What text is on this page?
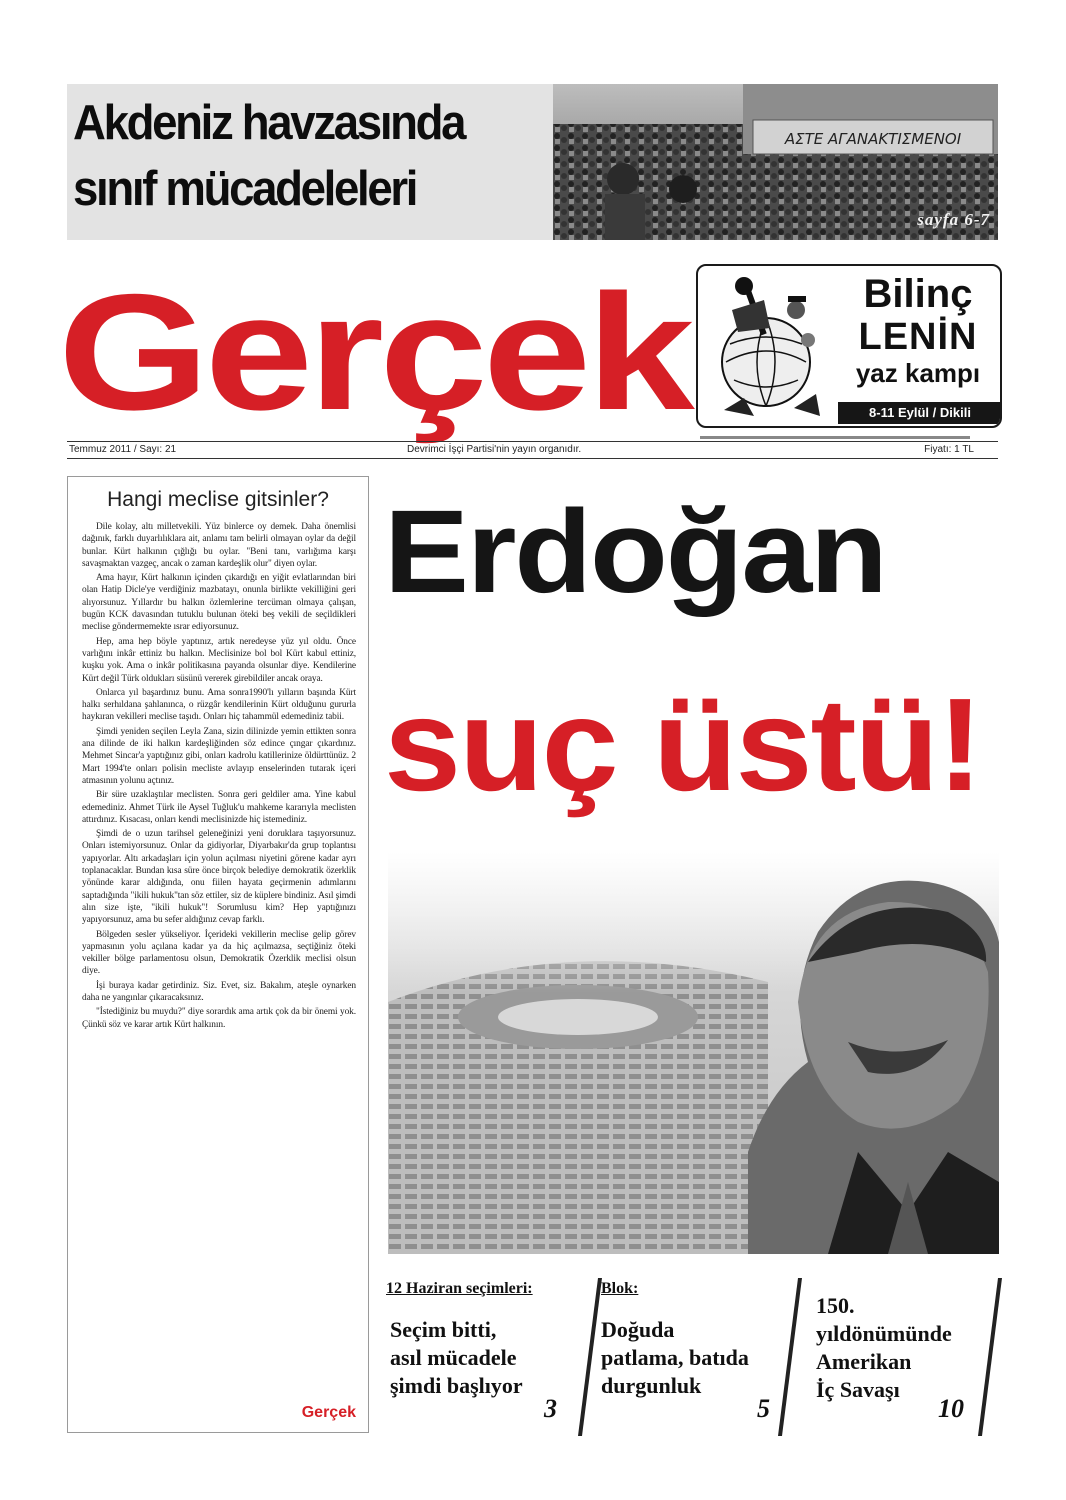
Akdeniz havzasında
sınıf mücadeleleri
ΑΣΤΕ ΑΓΑΝΑΚΤΙΣΜΕΝΟΙ
sayfa 6-7
Gerçek	Bilinç
LENİN
yaz kampı
8-11 Eylül / Dikili
Temmuz 2011 / Sayı: 21	Devrimci İşçi Partisi'nin yayın organıdır.	Fiyatı: 1 TL
Hangi meclise gitsinler?

Dile kolay, altı milletvekili. Yüz binlerce oy demek. Daha önemlisi dağınık, farklı duyarlılıklara ait, anlamı tam belirli olmayan oylar da değil bunlar. Kürt halkının çığlığı bu oylar. "Beni tanı, varlığıma karşı savaşmaktan vazgeç, ancak o zaman kardeşlik olur" diyen oylar.

Ama hayır, Kürt halkının içinden çıkardığı en yiğit evlatlarından biri olan Hatip Dicle'ye verdiğiniz mazbatayı, onunla birlikte vekilliğini geri alıyorsunuz. Yıllardır bu halkın özlemlerine tercüman olmaya çalışan, bugün KCK davasından tutuklu bulunan öteki beş vekili de seçildikleri meclise göndermemekte ısrar ediyorsunuz.

Hep, ama hep böyle yaptınız, artık neredeyse yüz yıl oldu. Önce varlığını inkâr ettiniz bu halkın. Meclisinize bol bol Kürt kabul ettiniz, kuşku yok. Ama o inkâr politikasına payanda olsunlar diye. Kendilerine Kürt değil Türk oldukları süsünü vererek girebildiler ancak oraya.

Onlarca yıl başardınız bunu. Ama sonra1990'lı yılların başında Kürt halkı serhıldana şahlanınca, o rüzgâr kendilerinin Kürt olduğunu gururla haykıran vekilleri meclise taşıdı. Onları hiç tahammül edemediniz tabii.

Şimdi yeniden seçilen Leyla Zana, sizin dilinizde yemin ettikten sonra ana dilinde de iki halkın kardeşliğinden söz edince çıngar çıkardınız. Mehmet Sincar'a yaptığınız gibi, onları kadrolu katillerinize öldürttünüz. 2 Mart 1994'te onları polisin mecliste avlayıp enselerinden tutarak içeri atmasının yolunu açtınız.

Bir süre uzaklaştılar meclisten. Sonra geri geldiler ama. Yine kabul edemediniz. Ahmet Türk ile Aysel Tuğluk'u mahkeme kararıyla meclisten attırdınız. Kısacası, onları kendi meclisinizde hiç istemediniz.

Şimdi de o uzun tarihsel geleneğinizi yeni doruklara taşıyorsunuz. Onları istemiyorsunuz. Onlar da gidiyorlar, Diyarbakır'da grup toplantısı yapıyorlar. Altı arkadaşları için yolun açılması niyetini görene kadar ayrı toplanacaklar. Bundan kısa süre önce birçok belediye demokratik özerklik yönünde karar aldığında, onu fiilen hayata geçirmenin adımlarını saptadığında "ikili hukuk"tan söz ettiler, siz de küplere bindiniz. Asıl şimdi alın size işte, "ikili hukuk"! Sorumlusu kim? Hep yaptığınızı yapıyorsunuz, ama bu sefer aldığınız cevap farklı.

Bölgeden sesler yükseliyor. İçerideki vekillerin meclise gelip görev yapmasının yolu açılana kadar ya da hiç açılmazsa, seçtiğiniz öteki vekiller bölge parlamentosu olsun, Demokratik Özerklik meclisi olsun diye.

İşi buraya kadar getirdiniz. Siz. Evet, siz. Bakalım, ateşle oynarken daha ne yangınlar çıkaracaksınız.

"İstediğiniz bu muydu?" diye sorardık ama artık çok da bir önemi yok. Çünkü söz ve karar artık Kürt halkının.

Gerçek
Erdoğan
suç üstü!
12 Haziran seçimleri:
Seçim bitti,
asıl mücadele
şimdi başlıyor
3
Blok:
Doğuda
patlama, batıda
durgunluk
5
150.
yıldönümünde
Amerikan
İç Savaşı
10
